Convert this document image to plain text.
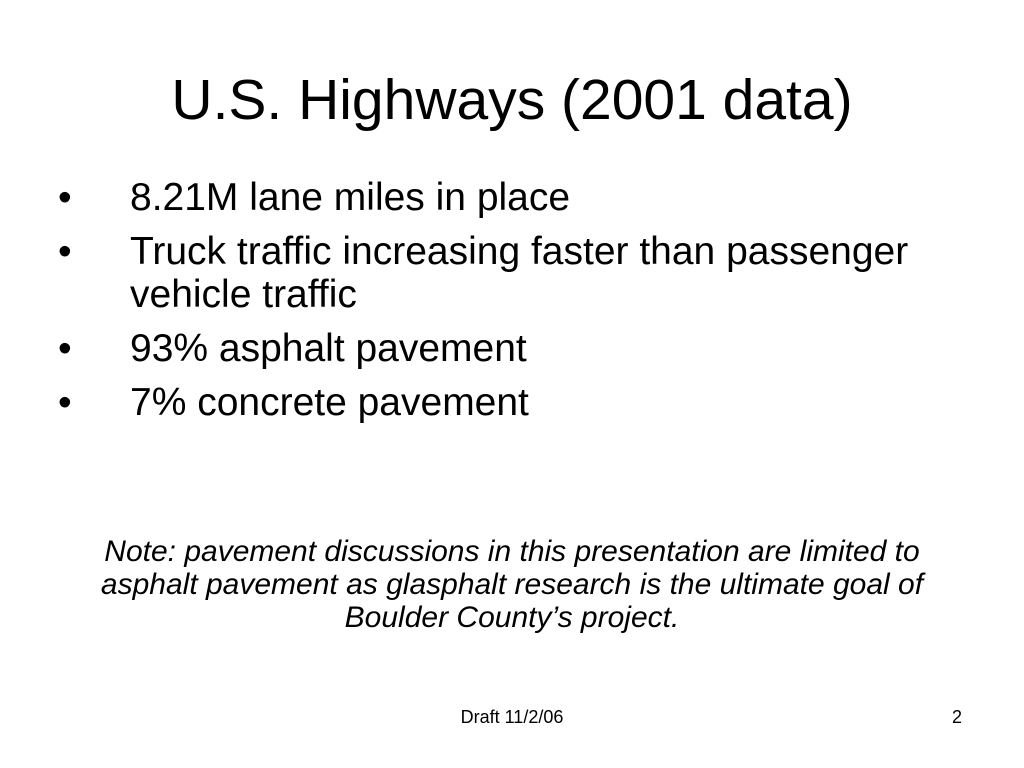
U.S. Highways (2001 data)
•	8.21M lane miles in place
•	Truck traffic increasing faster than passenger vehicle traffic
•	93% asphalt pavement
•	7% concrete pavement

Note: pavement discussions in this presentation are limited to asphalt pavement as glasphalt research is the ultimate goal of Boulder County’s project.

Draft 11/2/06	2
